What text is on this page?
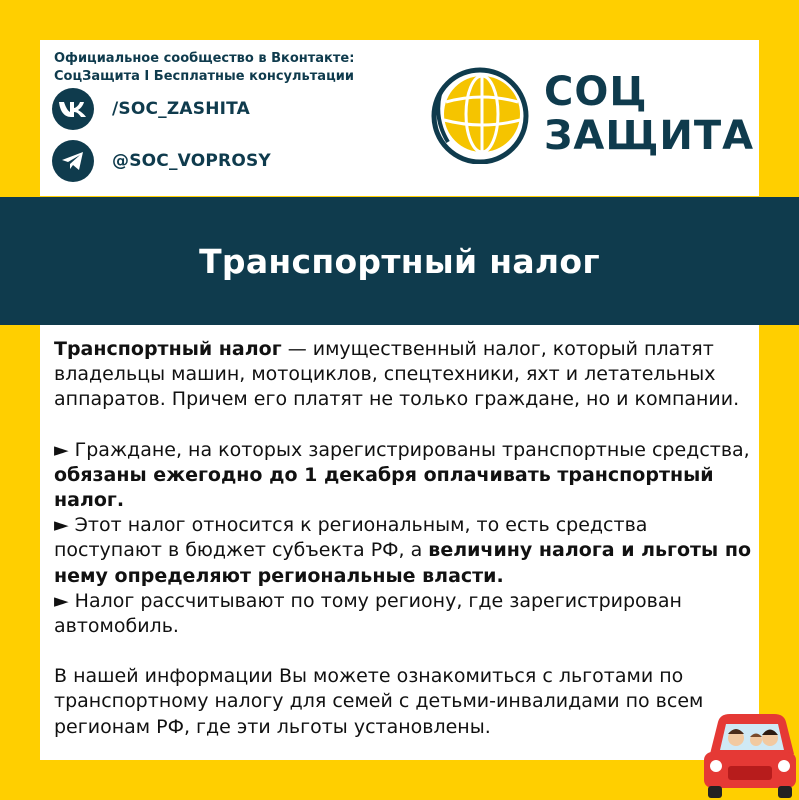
Официальное сообщество в Вконтакте:
СоцЗащита I Бесплатные консультации
/SOC_ZASHITA
@SOC_VOPROSY
СОЦ
ЗАЩИТА
Транспортный налог

Транспортный налог — имущественный налог, который платят владельцы машин, мотоциклов, спецтехники, яхт и летательных аппаратов. Причем его платят не только граждане, но и компании.

► Граждане, на которых зарегистрированы транспортные средства, обязаны ежегодно до 1 декабря оплачивать транспортный налог.

► Этот налог относится к региональным, то есть средства поступают в бюджет субъекта РФ, а величину налога и льготы по нему определяют региональные власти.

► Налог рассчитывают по тому региону, где зарегистрирован автомобиль.

В нашей информации Вы можете ознакомиться с льготами по транспортному налогу для семей с детьми-инвалидами по всем регионам РФ, где эти льготы установлены.
